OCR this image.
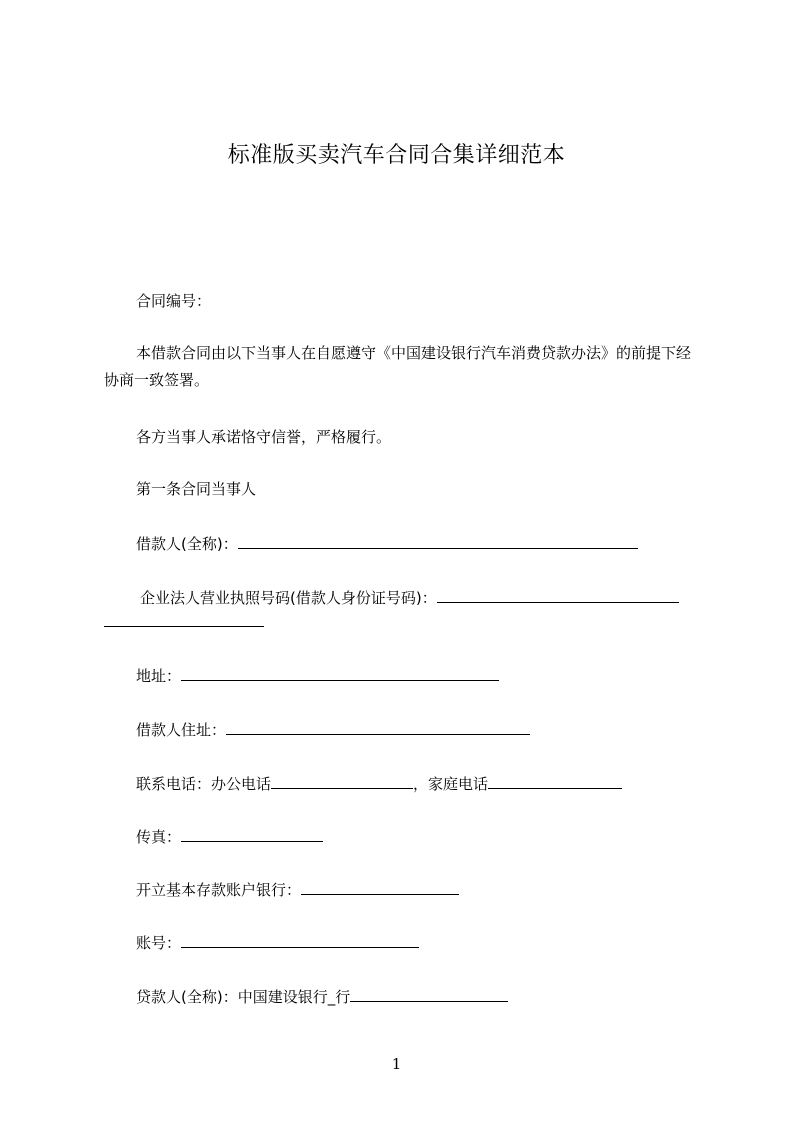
标准版买卖汽车合同合集详细范本
合同编号：
本借款合同由以下当事人在自愿遵守《中国建设银行汽车消费贷款办法》的前提下经协商一致签署。
各方当事人承诺恪守信誉，严格履行。
第一条合同当事人
借款人(全称)：
企业法人营业执照号码(借款人身份证号码)：
地址：
借款人住址：
联系电话：办公电话	，家庭电话
传真：
开立基本存款账户银行：
账号：
贷款人(全称)：中国建设银行_行
1
